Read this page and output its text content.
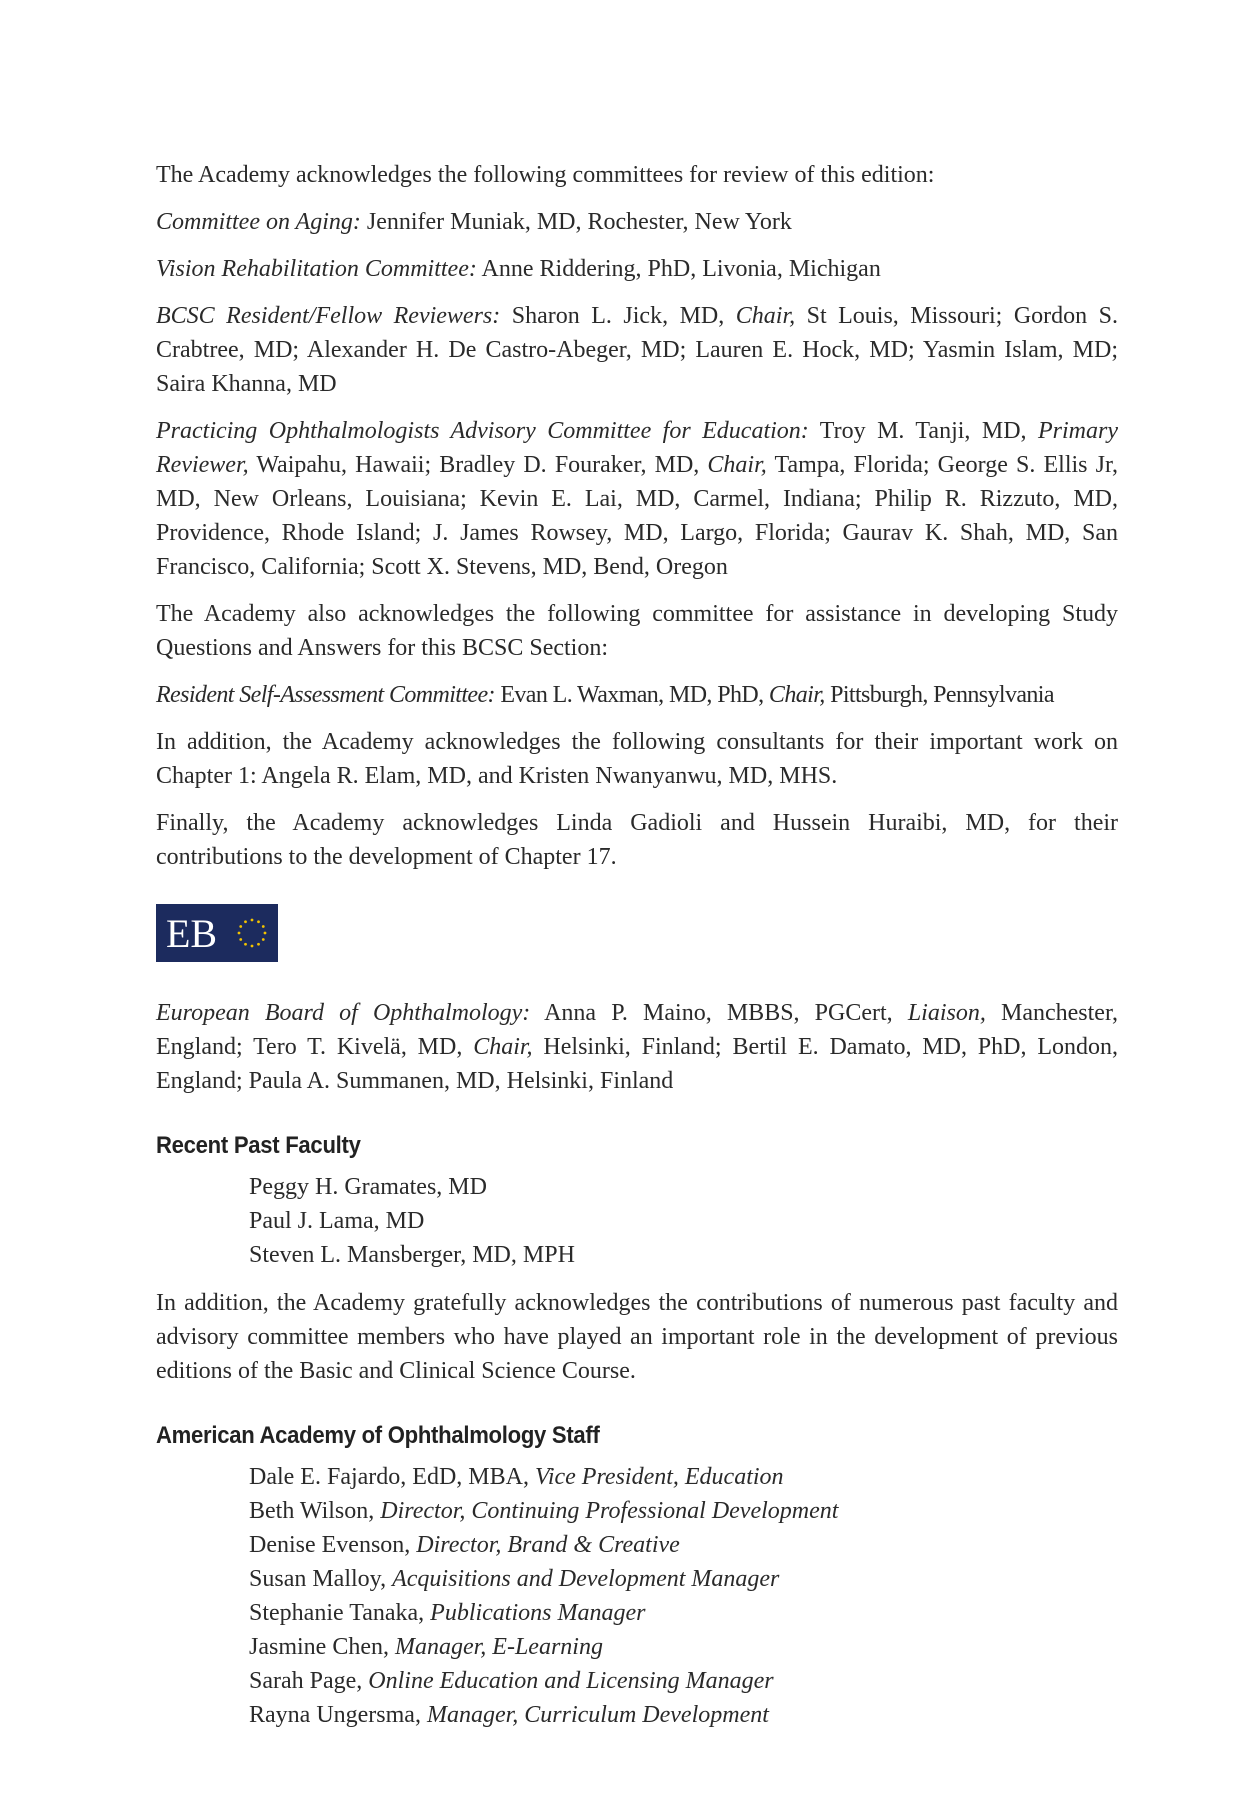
The Academy acknowledges the following committees for review of this edition:

Committee on Aging: Jennifer Muniak, MD, Rochester, New York

Vision Rehabilitation Committee: Anne Riddering, PhD, Livonia, Michigan

BCSC Resident/Fellow Reviewers: Sharon L. Jick, MD, Chair, St Louis, Missouri; Gordon S. Crabtree, MD; Alexander H. De Castro-Abeger, MD; Lauren E. Hock, MD; Yasmin Islam, MD; Saira Khanna, MD

Practicing Ophthalmologists Advisory Committee for Education: Troy M. Tanji, MD, Primary Reviewer, Waipahu, Hawaii; Bradley D. Fouraker, MD, Chair, Tampa, Florida; George S. Ellis Jr, MD, New Orleans, Louisiana; Kevin E. Lai, MD, Carmel, Indiana; Philip R. Rizzuto, MD, Providence, Rhode Island; J. James Rowsey, MD, Largo, Florida; Gaurav K. Shah, MD, San Francisco, California; Scott X. Stevens, MD, Bend, Oregon

The Academy also acknowledges the following committee for assistance in developing Study Questions and Answers for this BCSC Section:

Resident Self-Assessment Committee: Evan L. Waxman, MD, PhD, Chair, Pittsburgh, Pennsylvania

In addition, the Academy acknowledges the following consultants for their important work on Chapter 1: Angela R. Elam, MD, and Kristen Nwanyanwu, MD, MHS.

Finally, the Academy acknowledges Linda Gadioli and Hussein Huraibi, MD, for their contributions to the development of Chapter 17.

EB

European Board of Ophthalmology: Anna P. Maino, MBBS, PGCert, Liaison, Manchester, England; Tero T. Kivelä, MD, Chair, Helsinki, Finland; Bertil E. Damato, MD, PhD, London, England; Paula A. Summanen, MD, Helsinki, Finland

Recent Past Faculty
Peggy H. Gramates, MD
Paul J. Lama, MD
Steven L. Mansberger, MD, MPH

In addition, the Academy gratefully acknowledges the contributions of numerous past faculty and advisory committee members who have played an important role in the development of previous editions of the Basic and Clinical Science Course.

American Academy of Ophthalmology Staff
Dale E. Fajardo, EdD, MBA, Vice President, Education
Beth Wilson, Director, Continuing Professional Development
Denise Evenson, Director, Brand & Creative
Susan Malloy, Acquisitions and Development Manager
Stephanie Tanaka, Publications Manager
Jasmine Chen, Manager, E-Learning
Sarah Page, Online Education and Licensing Manager
Rayna Ungersma, Manager, Curriculum Development
